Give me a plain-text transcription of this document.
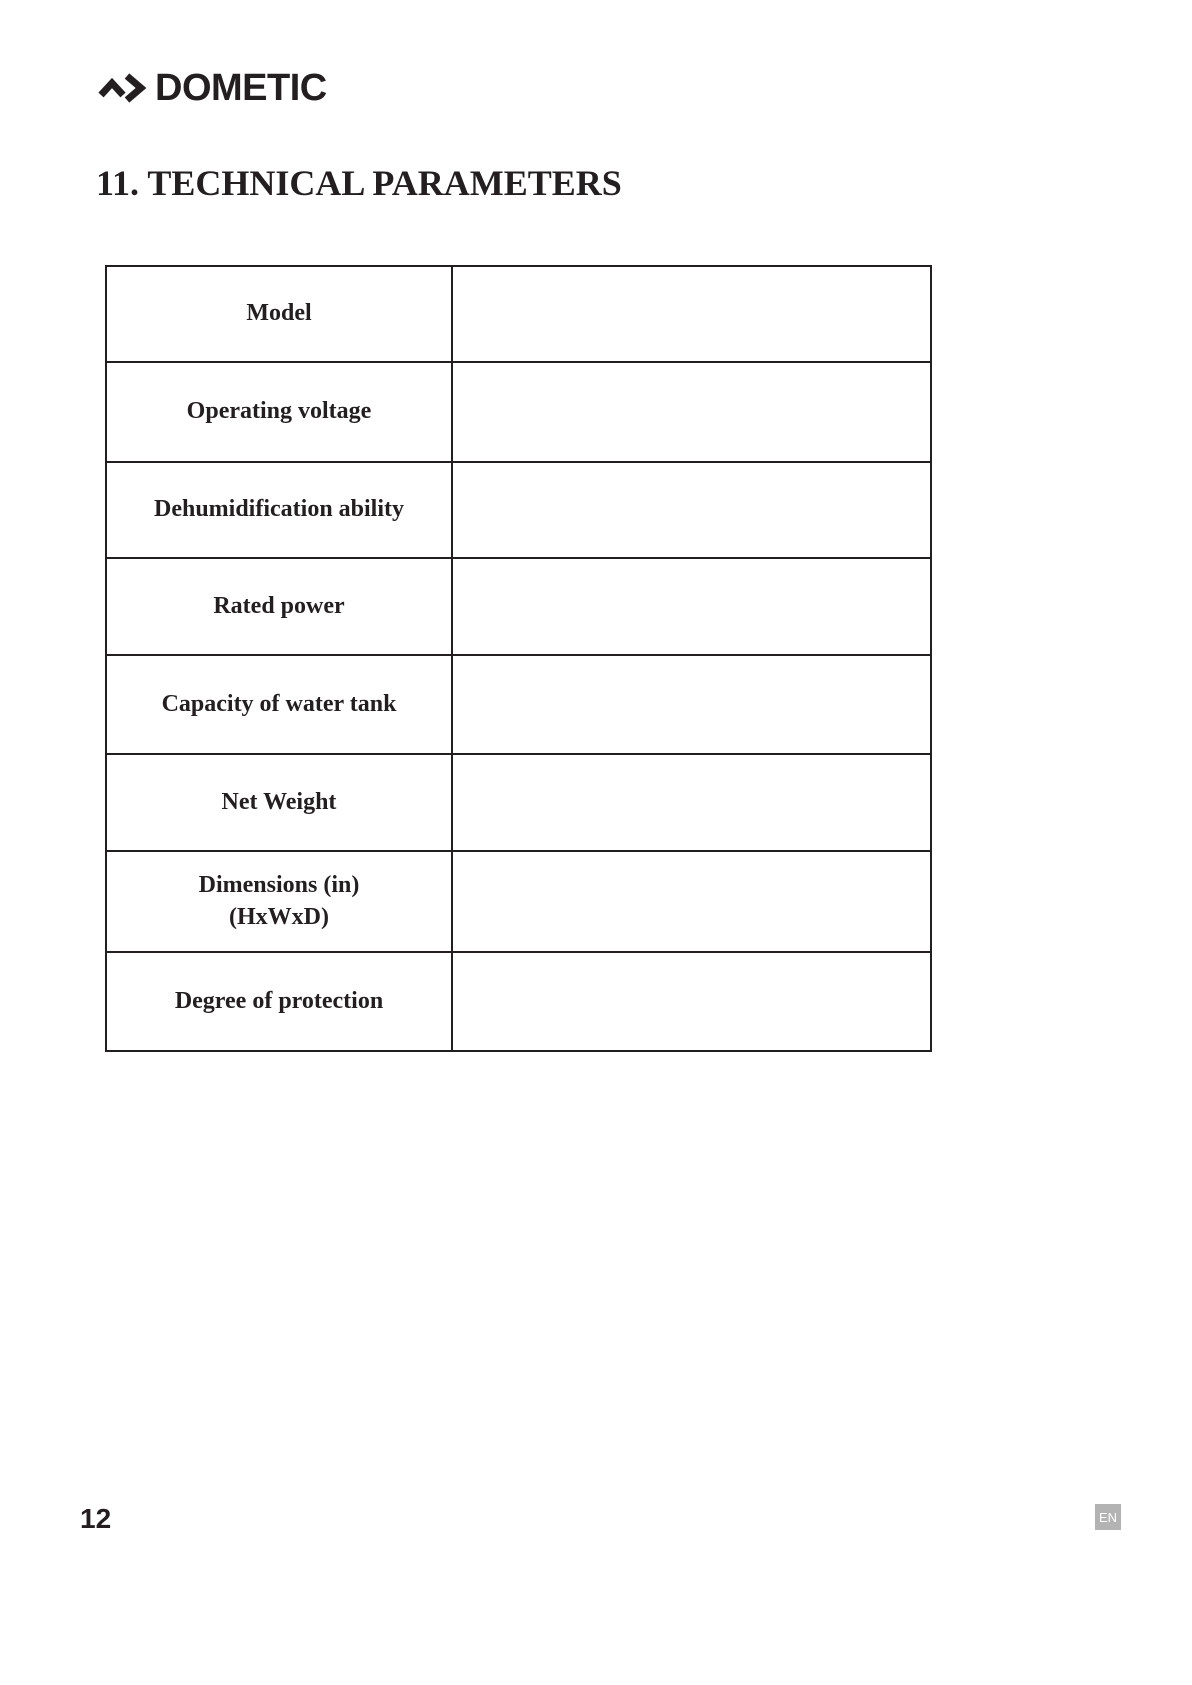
DOMETIC
11. TECHNICAL PARAMETERS
Model	
Operating voltage	
Dehumidification ability	
Rated power	
Capacity of water tank	
Net Weight	

Dimensions (in)
(HxWxD)	

Degree of protection	
12	EN
